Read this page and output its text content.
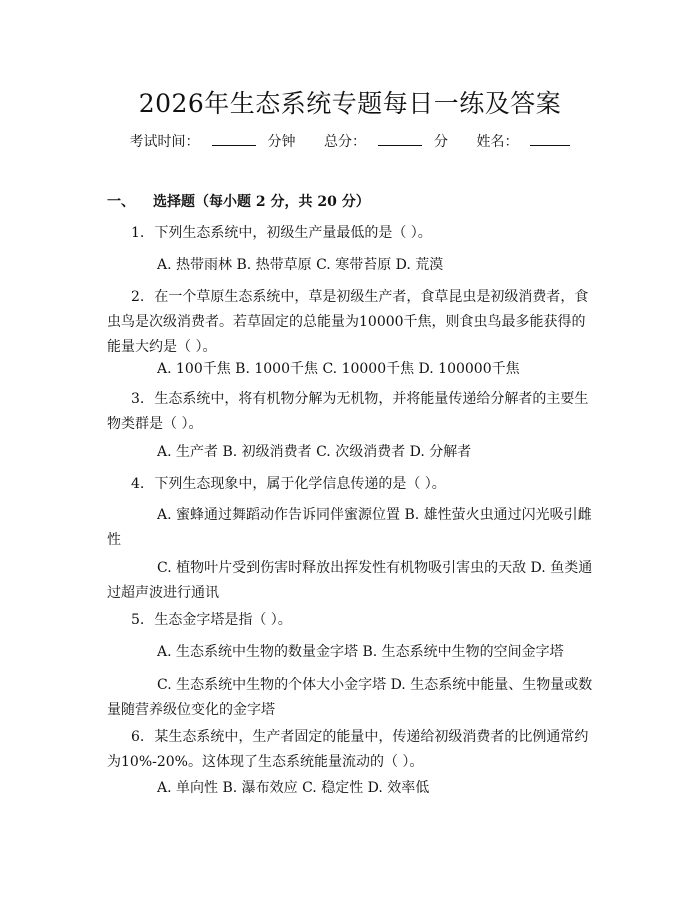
2026年生态系统专题每日一练及答案
考试时间：	分钟 总分：	分 姓名：
一、 选择题（每小题 2 分，共 20 分）
1. 下列生态系统中，初级生产量最低的是（ ）。
A. 热带雨林 B. 热带草原 C. 寒带苔原 D. 荒漠
2. 在一个草原生态系统中，草是初级生产者，食草昆虫是初级消费者，食虫鸟是次级消费者。若草固定的总能量为10000千焦，则食虫鸟最多能获得的能量大约是（ ）。
A. 100千焦 B. 1000千焦 C. 10000千焦 D. 100000千焦
3. 生态系统中，将有机物分解为无机物，并将能量传递给分解者的主要生物类群是（ ）。
A. 生产者 B. 初级消费者 C. 次级消费者 D. 分解者
4. 下列生态现象中，属于化学信息传递的是（ ）。
A. 蜜蜂通过舞蹈动作告诉同伴蜜源位置 B. 雄性萤火虫通过闪光吸引雌性
C. 植物叶片受到伤害时释放出挥发性有机物吸引害虫的天敌 D. 鱼类通过超声波进行通讯
5. 生态金字塔是指（ ）。
A. 生态系统中生物的数量金字塔 B. 生态系统中生物的空间金字塔
C. 生态系统中生物的个体大小金字塔 D. 生态系统中能量、生物量或数量随营养级位变化的金字塔
6. 某生态系统中，生产者固定的能量中，传递给初级消费者的比例通常约为10%-20%。这体现了生态系统能量流动的（ ）。
A. 单向性 B. 瀑布效应 C. 稳定性 D. 效率低
